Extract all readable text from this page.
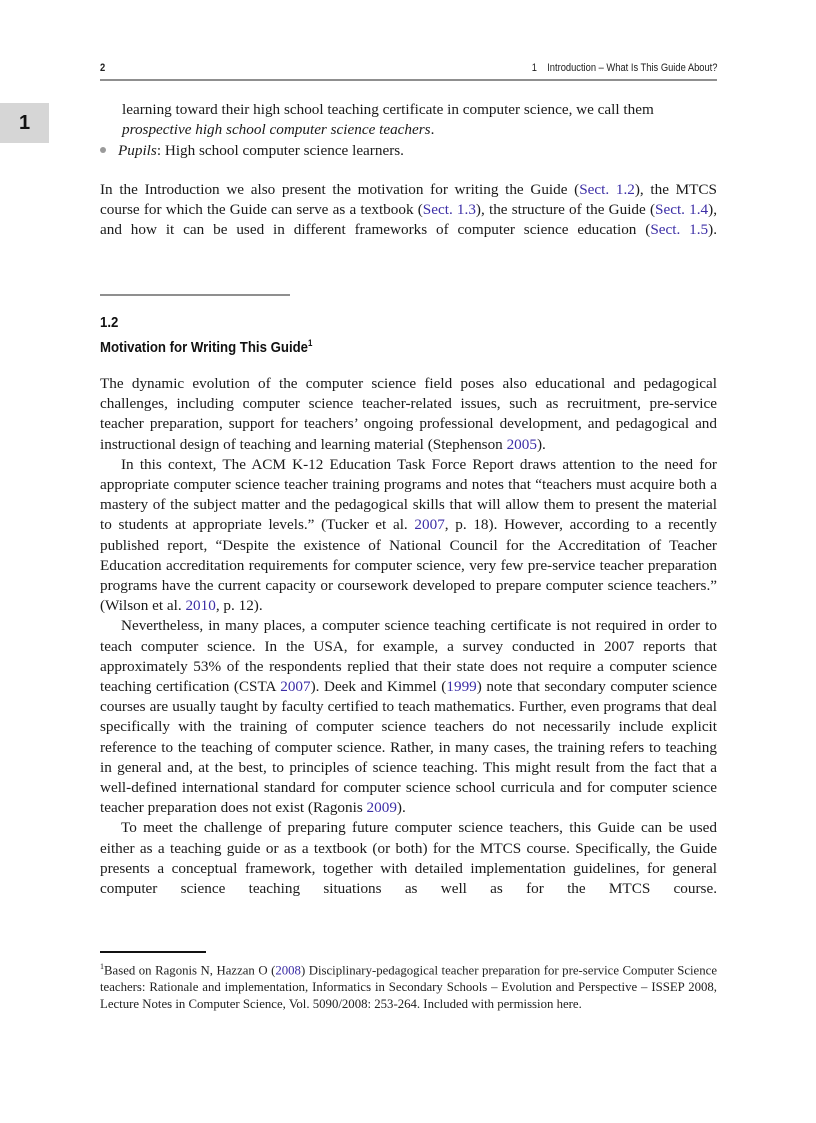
2	1 Introduction – What Is This Guide About?
1
learning toward their high school teaching certificate in computer science, we call them
prospective high school computer science teachers.
Pupils: High school computer science learners.
In the Introduction we also present the motivation for writing the Guide (Sect. 1.2), the MTCS course for which the Guide can serve as a textbook (Sect. 1.3), the structure of the Guide (Sect. 1.4), and how it can be used in different frameworks of computer science education (Sect. 1.5).
1.2
Motivation for Writing This Guide$^1$

The dynamic evolution of the computer science field poses also educational and pedagogical challenges, including computer science teacher-related issues, such as recruitment, pre-service teacher preparation, support for teachers’ ongoing professional development, and pedagogical and instructional design of teaching and learning material (Stephenson 2005).

In this context, The ACM K-12 Education Task Force Report draws attention to the need for appropriate computer science teacher training programs and notes that “teachers must acquire both a mastery of the subject matter and the pedagogical skills that will allow them to present the material to students at appropriate levels.” (Tucker et al. 2007, p. 18). However, according to a recently published report, “Despite the existence of National Council for the Accreditation of Teacher Education accreditation requirements for computer science, very few pre-service teacher preparation programs have the current capacity or coursework developed to prepare computer science teachers.” (Wilson et al. 2010, p. 12).

Nevertheless, in many places, a computer science teaching certificate is not required in order to teach computer science. In the USA, for example, a survey conducted in 2007 reports that approximately 53% of the respondents replied that their state does not require a computer science teaching certification (CSTA 2007). Deek and Kimmel (1999) note that secondary computer science courses are usually taught by faculty certified to teach mathematics. Further, even programs that deal specifically with the training of computer science teachers do not necessarily include explicit reference to the teaching of computer science. Rather, in many cases, the training refers to teaching in general and, at the best, to principles of science teaching. This might result from the fact that a well-defined international standard for computer science school curricula and for computer science teacher preparation does not exist (Ragonis 2009).

To meet the challenge of preparing future computer science teachers, this Guide can be used either as a teaching guide or as a textbook (or both) for the MTCS course. Specifically, the Guide presents a conceptual framework, together with detailed implementation guidelines, for general computer science teaching situations as well as for the MTCS course.

$^1$Based on Ragonis N, Hazzan O (2008) Disciplinary-pedagogical teacher preparation for pre-service Computer Science teachers: Rationale and implementation, Informatics in Secondary Schools – Evolution and Perspective – ISSEP 2008, Lecture Notes in Computer Science, Vol. 5090/2008: 253-264. Included with permission here.
